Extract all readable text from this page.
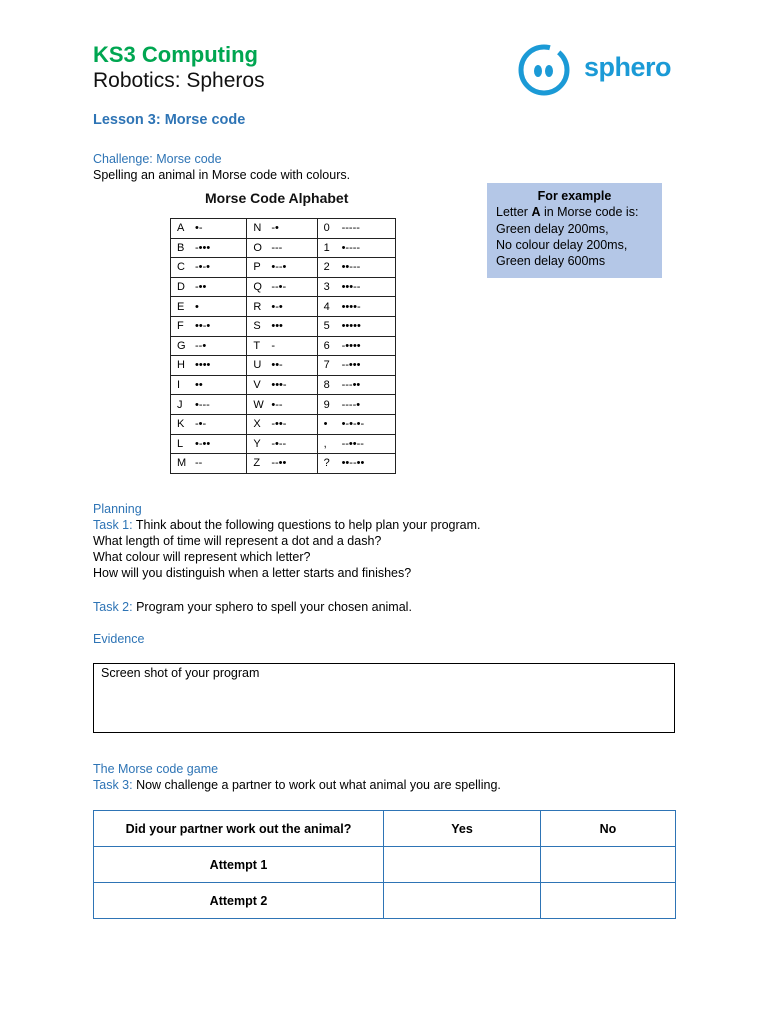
KS3 Computing
Robotics: Spheros	sphero
Lesson 3: Morse code
Challenge: Morse code
Spelling an animal in Morse code with colours.
Morse Code Alphabet
A •-	N -•	0 -----
B -•••	O ---	1 •----
C -•-•	P •--•	2 ••---
D -••	Q --•-	3 •••--
E •	R •-•	4 ••••-
F ••-•	S •••	5 •••••
G --•	T -	6 -••••
H ••••	U ••-	7 --•••
I ••	V •••-	8 ---••
J •---	W •--	9 ----•
K -•-	X -••-	• •-•-•-
L •-••	Y -•--	, --••--
M --	Z --••	? ••--••
For example
Letter A in Morse code is:
Green delay 200ms,
No colour delay 200ms,
Green delay 600ms
Planning
Task 1: Think about the following questions to help plan your program.
What length of time will represent a dot and a dash?
What colour will represent which letter?
How will you distinguish when a letter starts and finishes?
Task 2: Program your sphero to spell your chosen animal.
Evidence
Screen shot of your program
The Morse code game
Task 3: Now challenge a partner to work out what animal you are spelling.
Did your partner work out the animal?	Yes	No
Attempt 1		
Attempt 2		
